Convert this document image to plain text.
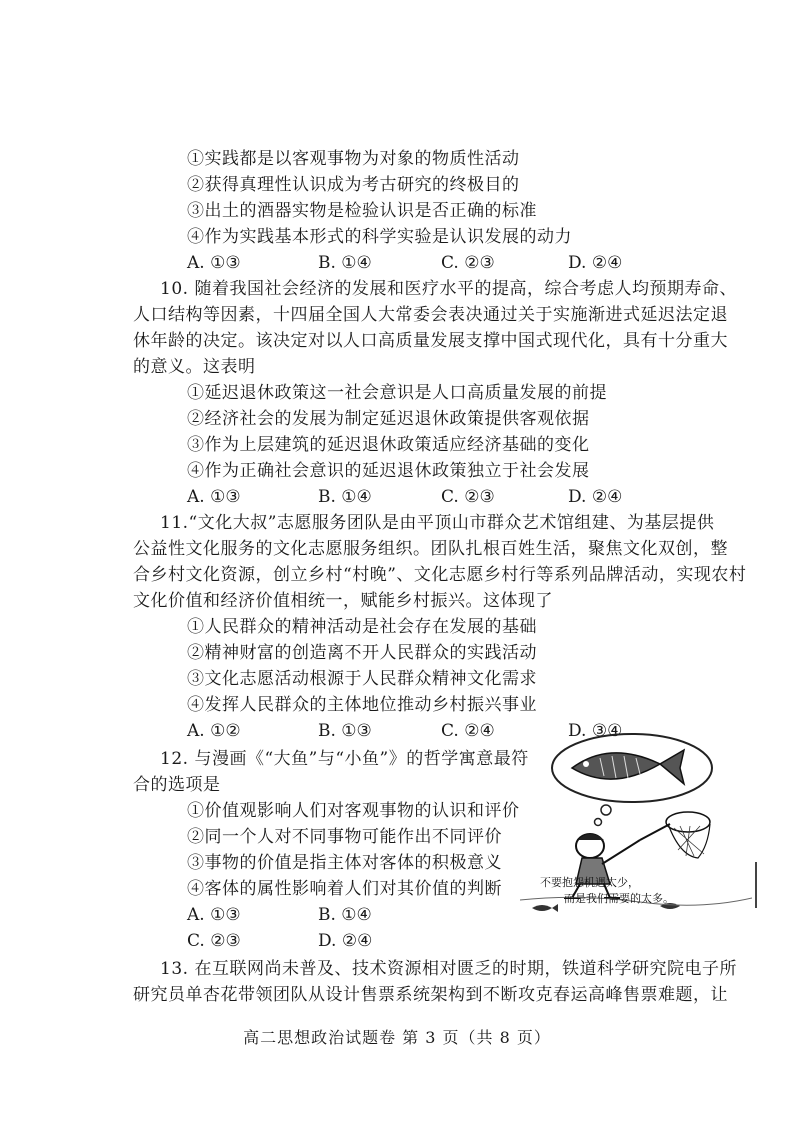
①实践都是以客观事物为对象的物质性活动
②获得真理性认识成为考古研究的终极目的
③出土的酒器实物是检验认识是否正确的标准
④作为实践基本形式的科学实验是认识发展的动力
A. ①③	B. ①④	C. ②③	D. ②④
10. 随着我国社会经济的发展和医疗水平的提高，综合考虑人均预期寿命、
人口结构等因素，十四届全国人大常委会表决通过关于实施渐进式延迟法定退
休年龄的决定。该决定对以人口高质量发展支撑中国式现代化，具有十分重大
的意义。这表明
①延迟退休政策这一社会意识是人口高质量发展的前提
②经济社会的发展为制定延迟退休政策提供客观依据
③作为上层建筑的延迟退休政策适应经济基础的变化
④作为正确社会意识的延迟退休政策独立于社会发展
A. ①③	B. ①④	C. ②③	D. ②④
11.“文化大叔”志愿服务团队是由平顶山市群众艺术馆组建、为基层提供
公益性文化服务的文化志愿服务组织。团队扎根百姓生活，聚焦文化双创，整
合乡村文化资源，创立乡村“村晚”、文化志愿乡村行等系列品牌活动，实现农村
文化价值和经济价值相统一，赋能乡村振兴。这体现了
①人民群众的精神活动是社会存在发展的基础
②精神财富的创造离不开人民群众的实践活动
③文化志愿活动根源于人民群众精神文化需求
④发挥人民群众的主体地位推动乡村振兴事业
A. ①②	B. ①③	C. ②④	D. ③④
12. 与漫画《“大鱼”与“小鱼”》的哲学寓意最符
合的选项是
①价值观影响人们对客观事物的认识和评价
②同一个人对不同事物可能作出不同评价
③事物的价值是指主体对客体的积极意义
④客体的属性影响着人们对其价值的判断
A. ①③	B. ①④
C. ②③	D. ②④
不要抱怨机遇太少，
而是我们需要的太多。
13. 在互联网尚未普及、技术资源相对匮乏的时期，铁道科学研究院电子所
研究员单杏花带领团队从设计售票系统架构到不断攻克春运高峰售票难题，让
高二思想政治试题卷 第 3 页（共 8 页）
